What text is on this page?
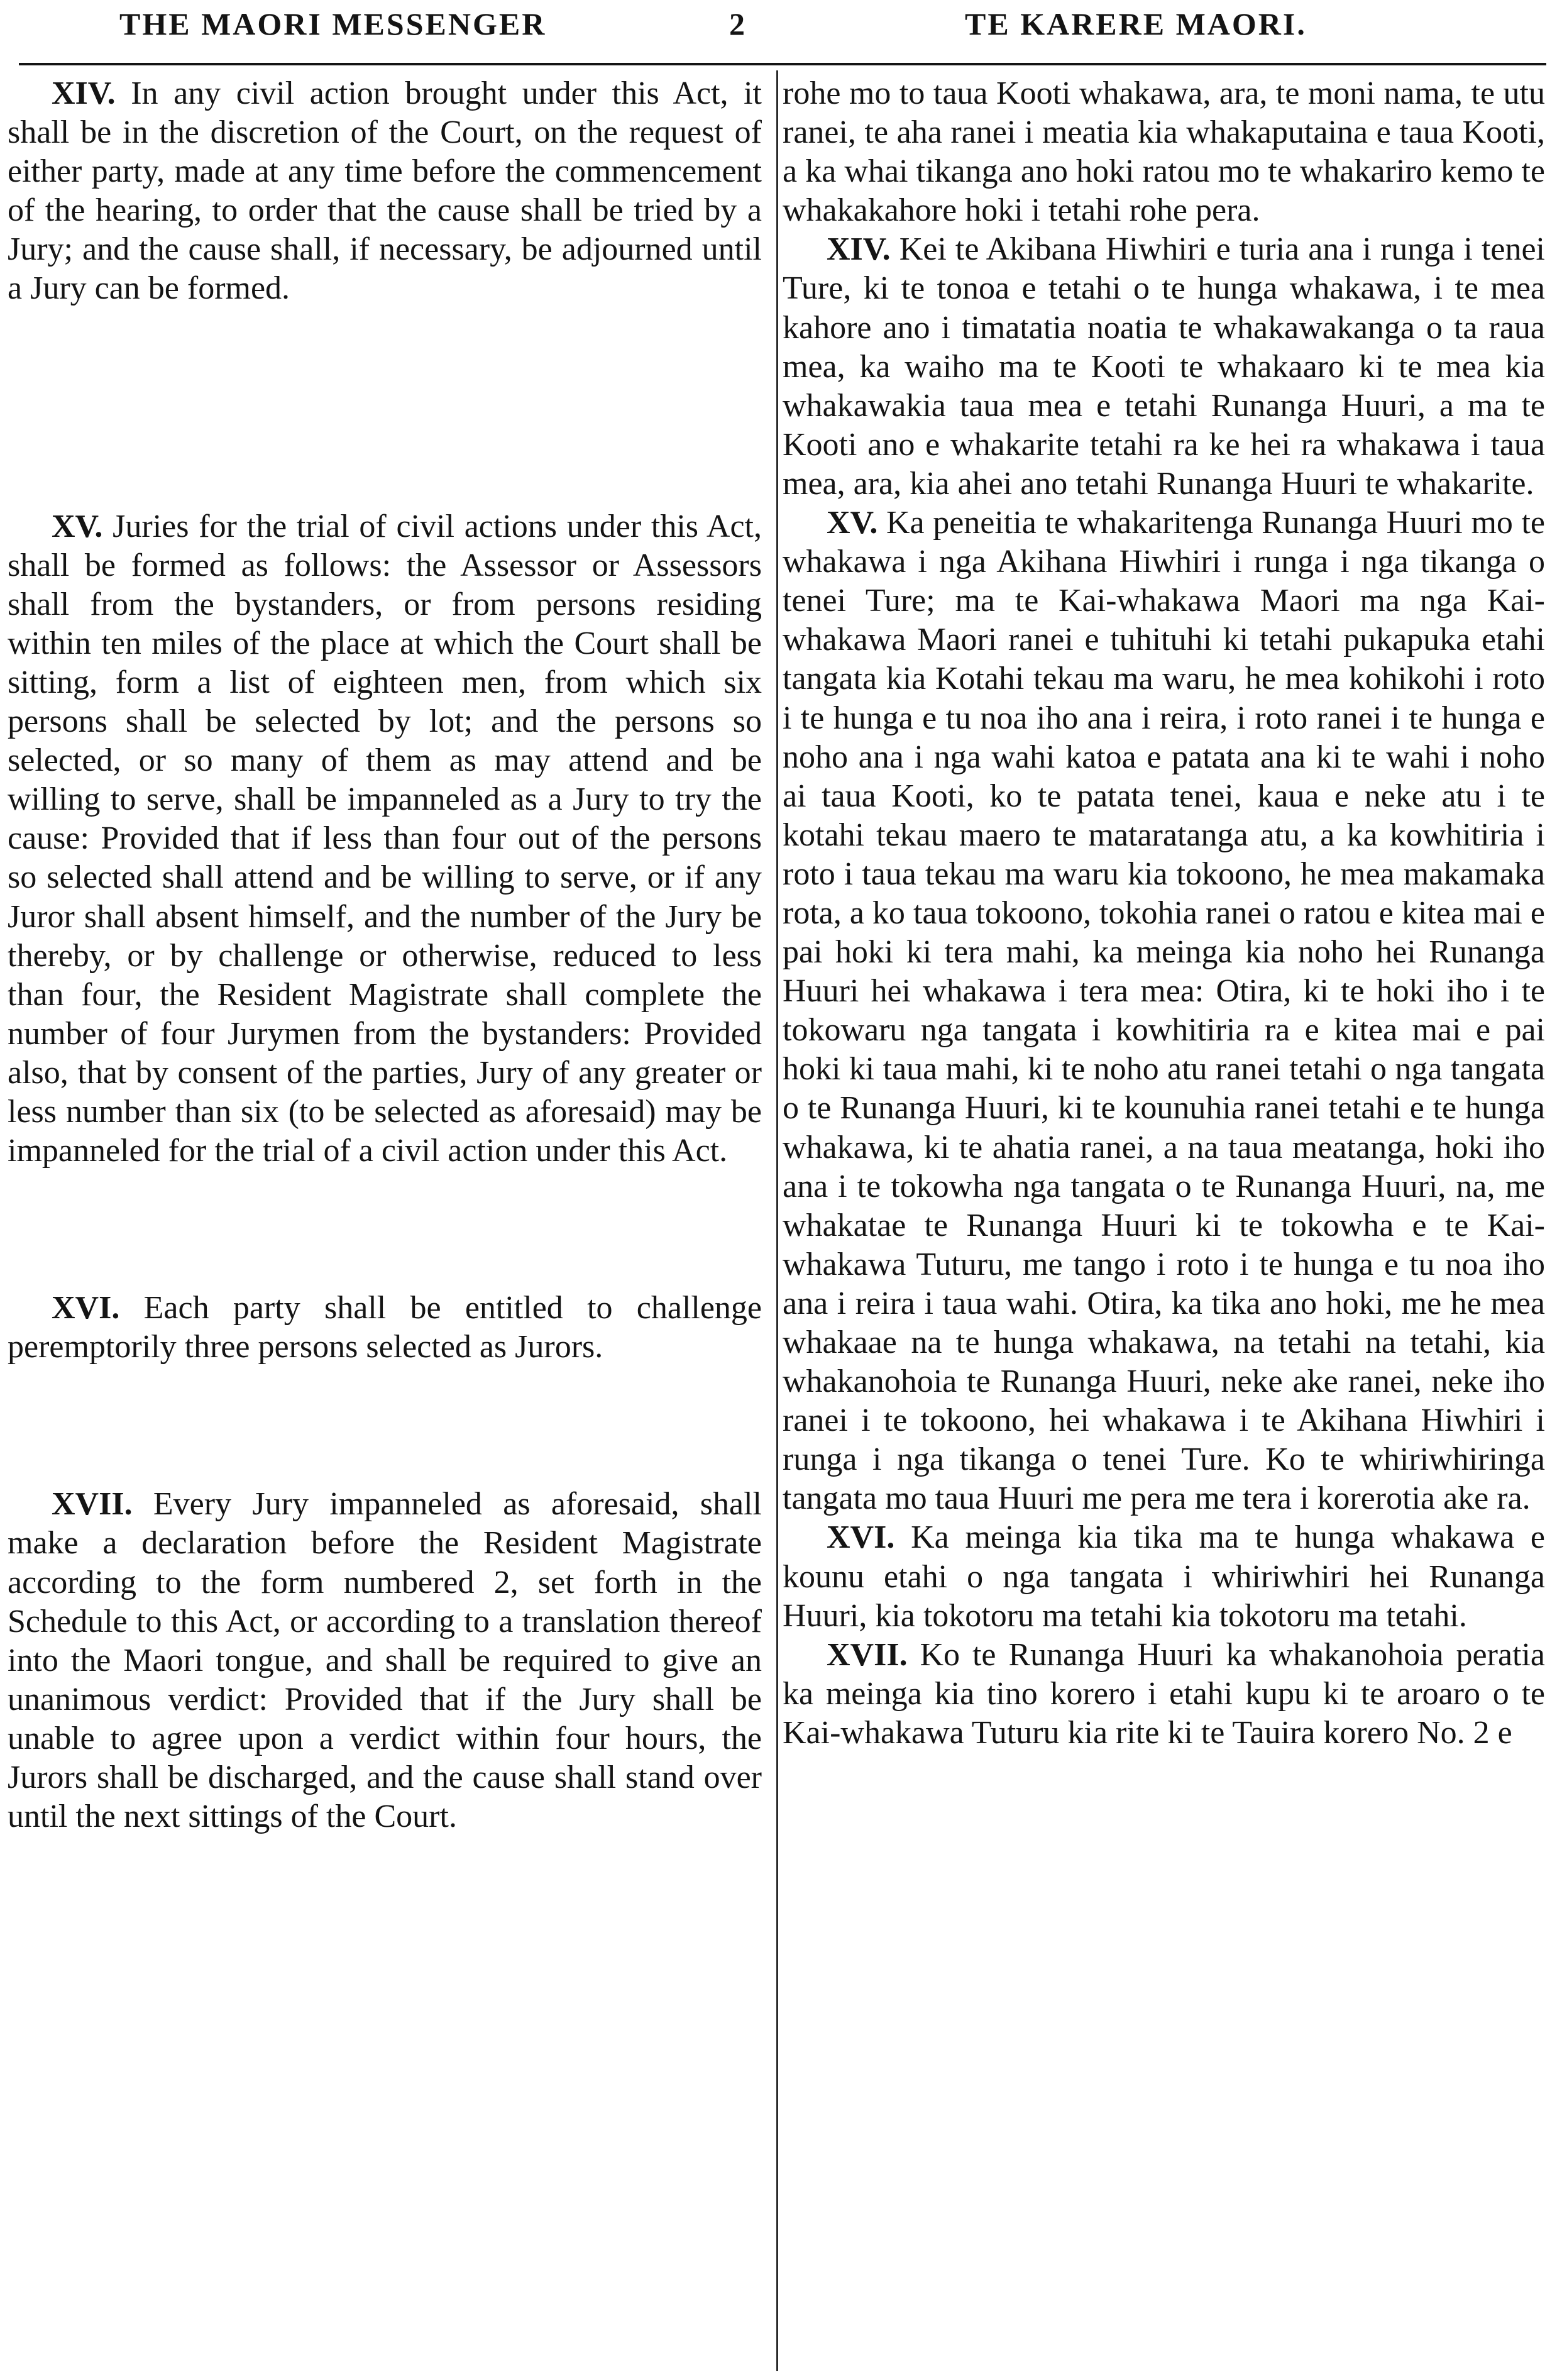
THE MAORI MESSENGER	2	TE KARERE MAORI.

XIV. In any civil action brought under this Act, it shall be in the discretion of the Court, on the request of either party, made at any time before the commencement of the hearing, to order that the cause shall be tried by a Jury; and the cause shall, if necessary, be adjourned until a Jury can be formed.

XV. Juries for the trial of civil actions under this Act, shall be formed as follows: the Assessor or Assessors shall from the bystanders, or from persons residing within ten miles of the place at which the Court shall be sitting, form a list of eighteen men, from which six persons shall be selected by lot; and the persons so selected, or so many of them as may attend and be willing to serve, shall be impanneled as a Jury to try the cause: Provided that if less than four out of the persons so selected shall attend and be willing to serve, or if any Juror shall absent himself, and the number of the Jury be thereby, or by challenge or otherwise, reduced to less than four, the Resident Magistrate shall complete the number of four Jurymen from the bystanders: Provided also, that by consent of the parties, Jury of any greater or less number than six (to be selected as aforesaid) may be impanneled for the trial of a civil action under this Act.

XVI. Each party shall be entitled to challenge peremptorily three persons selected as Jurors.

XVII. Every Jury impanneled as aforesaid, shall make a declaration before the Resident Magistrate according to the form numbered 2, set forth in the Schedule to this Act, or according to a translation thereof into the Maori tongue, and shall be required to give an unanimous verdict: Provided that if the Jury shall be unable to agree upon a verdict within four hours, the Jurors shall be discharged, and the cause shall stand over until the next sittings of the Court.

rohe mo to taua Kooti whakawa, ara, te moni nama, te utu ranei, te aha ranei i meatia kia whakaputaina e taua Kooti, a ka whai tikanga ano hoki ratou mo te whakariro kemo te whakakahore hoki i tetahi rohe pera.

XIV. Kei te Akibana Hiwhiri e turia ana i runga i tenei Ture, ki te tonoa e tetahi o te hunga whakawa, i te mea kahore ano i timatatia noatia te whakawakanga o ta raua mea, ka waiho ma te Kooti te whakaaro ki te mea kia whakawakia taua mea e tetahi Runanga Huuri, a ma te Kooti ano e whakarite tetahi ra ke hei ra whakawa i taua mea, ara, kia ahei ano tetahi Runanga Huuri te whakarite.

XV. Ka peneitia te whakaritenga Runanga Huuri mo te whakawa i nga Akihana Hiwhiri i runga i nga tikanga o tenei Ture; ma te Kai-whakawa Maori ma nga Kai-whakawa Maori ranei e tuhituhi ki tetahi pukapuka etahi tangata kia Kotahi tekau ma waru, he mea kohikohi i roto i te hunga e tu noa iho ana i reira, i roto ranei i te hunga e noho ana i nga wahi katoa e patata ana ki te wahi i noho ai taua Kooti, ko te patata tenei, kaua e neke atu i te kotahi tekau maero te mataratanga atu, a ka kowhitiria i roto i taua tekau ma waru kia tokoono, he mea makamaka rota, a ko taua tokoono, tokohia ranei o ratou e kitea mai e pai hoki ki tera mahi, ka meinga kia noho hei Runanga Huuri hei whakawa i tera mea: Otira, ki te hoki iho i te tokowaru nga tangata i kowhitiria ra e kitea mai e pai hoki ki taua mahi, ki te noho atu ranei tetahi o nga tangata o te Runanga Huuri, ki te kounuhia ranei tetahi e te hunga whakawa, ki te ahatia ranei, a na taua meatanga, hoki iho ana i te tokowha nga tangata o te Runanga Huuri, na, me whakatae te Runanga Huuri ki te tokowha e te Kai-whakawa Tuturu, me tango i roto i te hunga e tu noa iho ana i reira i taua wahi. Otira, ka tika ano hoki, me he mea whakaae na te hunga whakawa, na tetahi na tetahi, kia whakanohoia te Runanga Huuri, neke ake ranei, neke iho ranei i te tokoono, hei whakawa i te Akihana Hiwhiri i runga i nga tikanga o tenei Ture. Ko te whiriwhiringa tangata mo taua Huuri me pera me tera i korerotia ake ra.

XVI. Ka meinga kia tika ma te hunga whakawa e kounu etahi o nga tangata i whiriwhiri hei Runanga Huuri, kia tokotoru ma tetahi kia tokotoru ma tetahi.

XVII. Ko te Runanga Huuri ka whakanohoia peratia ka meinga kia tino korero i etahi kupu ki te aroaro o te Kai-whakawa Tuturu kia rite ki te Tauira korero No. 2 e
